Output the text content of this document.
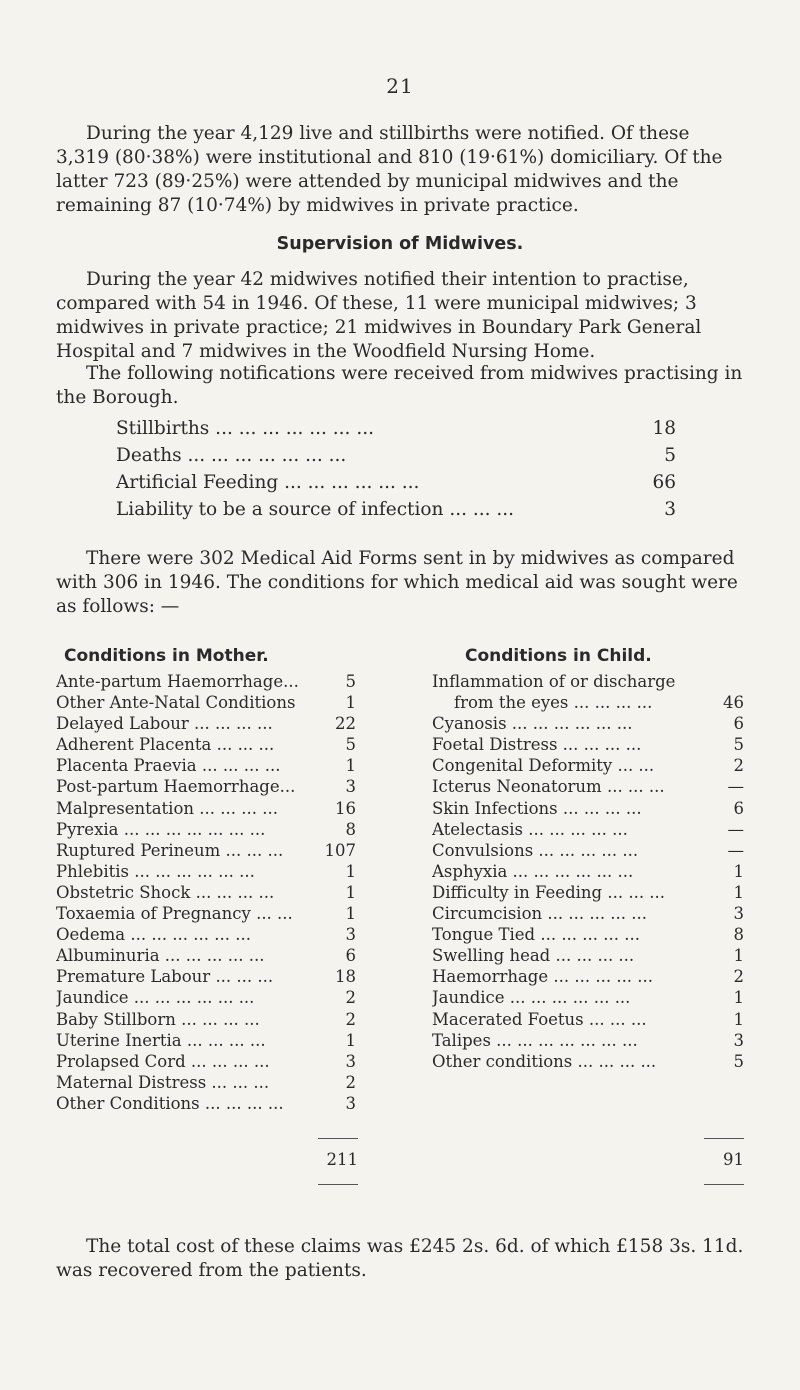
21

During the year 4,129 live and stillbirths were notified. Of these 3,319 (80·38%) were institutional and 810 (19·61%) domiciliary. Of the latter 723 (89·25%) were attended by municipal midwives and the remaining 87 (10·74%) by midwives in private practice.

Supervision of Midwives.

During the year 42 midwives notified their intention to practise, compared with 54 in 1946. Of these, 11 were municipal midwives; 3 midwives in private practice; 21 midwives in Boundary Park General Hospital and 7 midwives in the Woodfield Nursing Home.

The following notifications were received from midwives practising in the Borough.

Stillbirths ... ... ... ... ... ... ...	18
Deaths ... ... ... ... ... ... ...	5
Artificial Feeding ... ... ... ... ... ...	66
Liability to be a source of infection ... ... ...	3

There were 302 Medical Aid Forms sent in by midwives as compared with 306 in 1946. The conditions for which medical aid was sought were as follows: —

Conditions in Mother.
Ante-partum Haemorrhage...	5
Other Ante-Natal Conditions	1
Delayed Labour ... ... ... ...	22
Adherent Placenta ... ... ...	5
Placenta Praevia ... ... ... ...	1
Post-partum Haemorrhage...	3
Malpresentation ... ... ... ...	16
Pyrexia ... ... ... ... ... ... ...	8
Ruptured Perineum ... ... ...	107
Phlebitis ... ... ... ... ... ...	1
Obstetric Shock ... ... ... ...	1
Toxaemia of Pregnancy ... ...	1
Oedema ... ... ... ... ... ...	3
Albuminuria ... ... ... ... ...	6
Premature Labour ... ... ...	18
Jaundice ... ... ... ... ... ...	2
Baby Stillborn ... ... ... ...	2
Uterine Inertia ... ... ... ...	1
Prolapsed Cord ... ... ... ...	3
Maternal Distress ... ... ...	2
Other Conditions ... ... ... ...	3
211
Conditions in Child.
Inflammation of or discharge
from the eyes ... ... ... ...	46
Cyanosis ... ... ... ... ... ...	6
Foetal Distress ... ... ... ...	5
Congenital Deformity ... ...	2
Icterus Neonatorum ... ... ...	—
Skin Infections ... ... ... ...	6
Atelectasis ... ... ... ... ...	—
Convulsions ... ... ... ... ...	—
Asphyxia ... ... ... ... ... ...	1
Difficulty in Feeding ... ... ...	1
Circumcision ... ... ... ... ...	3
Tongue Tied ... ... ... ... ...	8
Swelling head ... ... ... ...	1
Haemorrhage ... ... ... ... ...	2
Jaundice ... ... ... ... ... ...	1
Macerated Foetus ... ... ...	1
Talipes ... ... ... ... ... ... ...	3
Other conditions ... ... ... ...	5
91

The total cost of these claims was £245 2s. 6d. of which £158 3s. 11d. was recovered from the patients.
